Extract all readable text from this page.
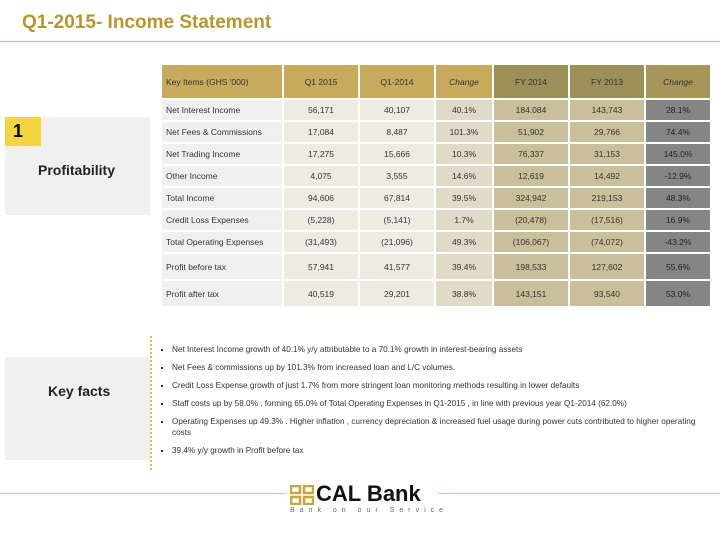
Q1-2015- Income Statement
1
Profitability
Key facts
Key Items (GHS '000)	Q1 2015	Q1-2014	Change	FY 2014	FY 2013	Change
Net Interest Income	56,171	40,107	40.1%	184.084	143,743	28.1%
Net Fees & Commissions	17,084	8,487	101.3%	51,902	29,766	74.4%
Net Trading Income	17,275	15,666	10.3%	76,337	31,153	145.0%
Other Income	4,075	3,555	14.6%	12,619	14,492	-12.9%
Total Income	94,606	67,814	39.5%	324,942	219,153	48.3%
Credit Loss Expenses	(5,228)	(5,141)	1.7%	(20,478)	(17,516)	16.9%
Total Operating Expenses	(31,493)	(21,096)	49.3%	(106,067)	(74,072)	-43.2%
Profit before tax	57,941	41,577	39.4%	198,533	127,602	55.6%
Profit after tax	40,519	29,201	38.8%	143,151	93,540	53.0%
▪ Net Interest Income growth of 40.1% y/y attributable to a 70.1% growth in interest-bearing assets
▪ Net Fees & commissions up by 101.3% from increased loan and L/C volumes.
▪ Credit Loss Expense growth of just 1.7% from more stringent loan monitoring methods resulting in lower defaults
▪ Staff costs up by 58.0% , forming 65.0% of Total Operating Expenses in Q1-2015 , in line with previous year Q1-2014 (62.0%)
▪ Operating Expenses up 49.3% . Higher inflation , currency depreciation & increased fuel usage during power cuts contributed to higher operating costs
▪ 39.4% y/y growth in Profit before tax
CAL Bank
Bank on our Service
